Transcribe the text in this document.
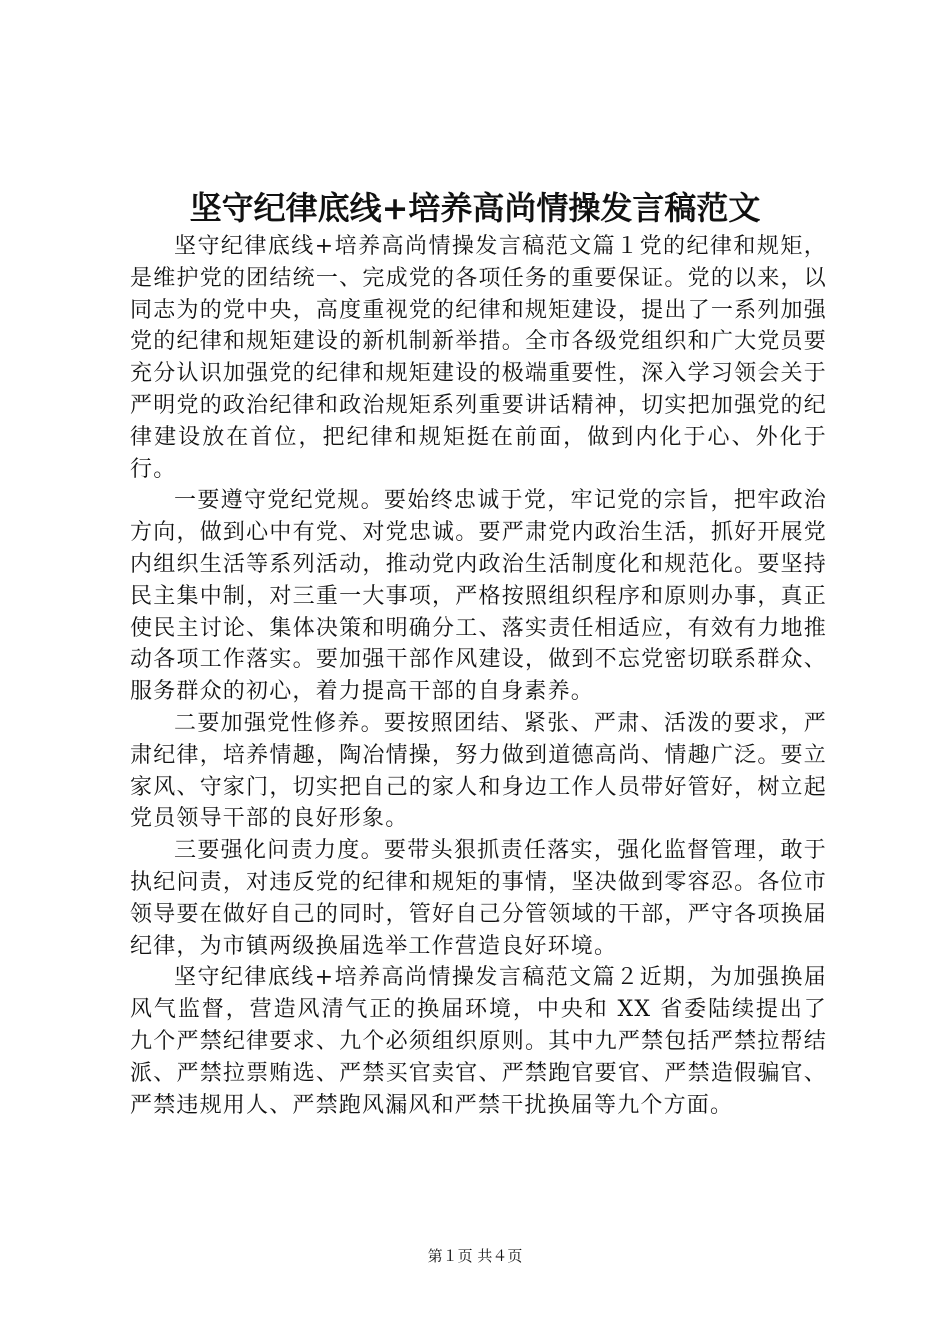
坚守纪律底线+培养高尚情操发言稿范文

坚守纪律底线+培养高尚情操发言稿范文篇１党的纪律和规矩，是维护党的团结统一、完成党的各项任务的重要保证。党的以来，以同志为的党中央，高度重视党的纪律和规矩建设，提出了一系列加强党的纪律和规矩建设的新机制新举措。全市各级党组织和广大党员要充分认识加强党的纪律和规矩建设的极端重要性，深入学习领会关于严明党的政治纪律和政治规矩系列重要讲话精神，切实把加强党的纪律建设放在首位，把纪律和规矩挺在前面，做到内化于心、外化于行。

一要遵守党纪党规。要始终忠诚于党，牢记党的宗旨，把牢政治方向，做到心中有党、对党忠诚。要严肃党内政治生活，抓好开展党内组织生活等系列活动，推动党内政治生活制度化和规范化。要坚持民主集中制，对三重一大事项，严格按照组织程序和原则办事，真正使民主讨论、集体决策和明确分工、落实责任相适应，有效有力地推动各项工作落实。要加强干部作风建设，做到不忘党密切联系群众、服务群众的初心，着力提高干部的自身素养。

二要加强党性修养。要按照团结、紧张、严肃、活泼的要求，严肃纪律，培养情趣，陶冶情操，努力做到道德高尚、情趣广泛。要立家风、守家门，切实把自己的家人和身边工作人员带好管好，树立起党员领导干部的良好形象。

三要强化问责力度。要带头狠抓责任落实，强化监督管理，敢于执纪问责，对违反党的纪律和规矩的事情，坚决做到零容忍。各位市领导要在做好自己的同时，管好自己分管领域的干部，严守各项换届纪律，为市镇两级换届选举工作营造良好环境。

坚守纪律底线+培养高尚情操发言稿范文篇２近期，为加强换届风气监督，营造风清气正的换届环境，中央和 XX 省委陆续提出了九个严禁纪律要求、九个必须组织原则。其中九严禁包括严禁拉帮结派、严禁拉票贿选、严禁买官卖官、严禁跑官要官、严禁造假骗官、严禁违规用人、严禁跑风漏风和严禁干扰换届等九个方面。

第１页 共４页
